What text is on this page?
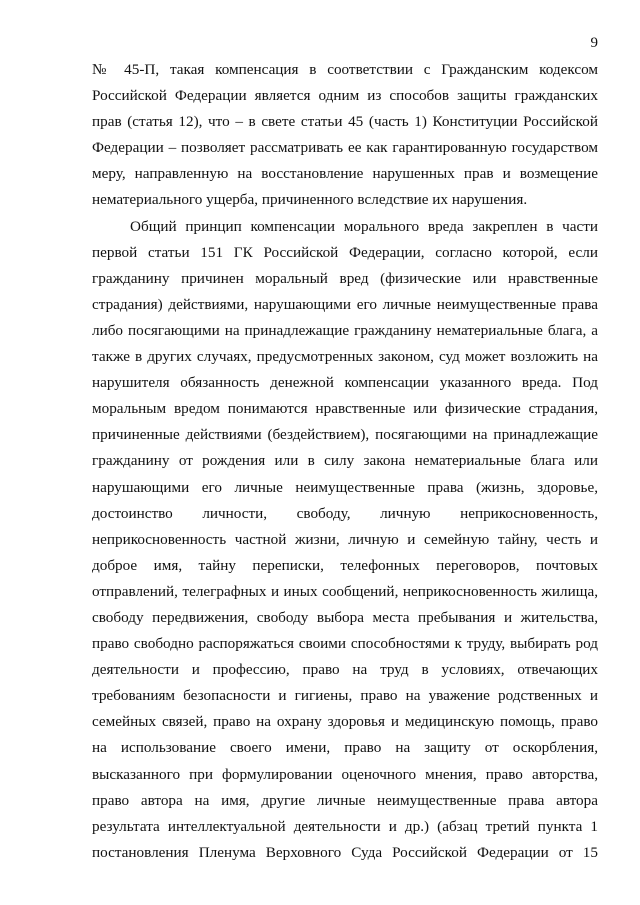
9
№ 45-П, такая компенсация в соответствии с Гражданским кодексом
Российской Федерации является одним из способов защиты гражданских
прав (статья 12), что – в свете статьи 45 (часть 1) Конституции Российской
Федерации – позволяет рассматривать ее как гарантированную государством
меру, направленную на восстановление нарушенных прав и возмещение
нематериального ущерба, причиненного вследствие их нарушения.
Общий принцип компенсации морального вреда закреплен в части
первой статьи 151 ГК Российской Федерации, согласно которой, если
гражданину причинен моральный вред (физические или нравственные
страдания) действиями, нарушающими его личные неимущественные права
либо посягающими на принадлежащие гражданину нематериальные блага, а
также в других случаях, предусмотренных законом, суд может возложить на
нарушителя обязанность денежной компенсации указанного вреда. Под
моральным вредом понимаются нравственные или физические страдания,
причиненные действиями (бездействием), посягающими на принадлежащие
гражданину от рождения или в силу закона нематериальные блага или
нарушающими его личные неимущественные права (жизнь, здоровье,
достоинство личности, свободу, личную неприкосновенность,
неприкосновенность частной жизни, личную и семейную тайну, честь и
доброе имя, тайну переписки, телефонных переговоров, почтовых
отправлений, телеграфных и иных сообщений, неприкосновенность жилища,
свободу передвижения, свободу выбора места пребывания и жительства,
право свободно распоряжаться своими способностями к труду, выбирать род
деятельности и профессию, право на труд в условиях, отвечающих
требованиям безопасности и гигиены, право на уважение родственных и
семейных связей, право на охрану здоровья и медицинскую помощь, право
на использование своего имени, право на защиту от оскорбления,
высказанного при формулировании оценочного мнения, право авторства,
право автора на имя, другие личные неимущественные права автора
результата интеллектуальной деятельности и др.) (абзац третий пункта 1
постановления Пленума Верховного Суда Российской Федерации от 15
